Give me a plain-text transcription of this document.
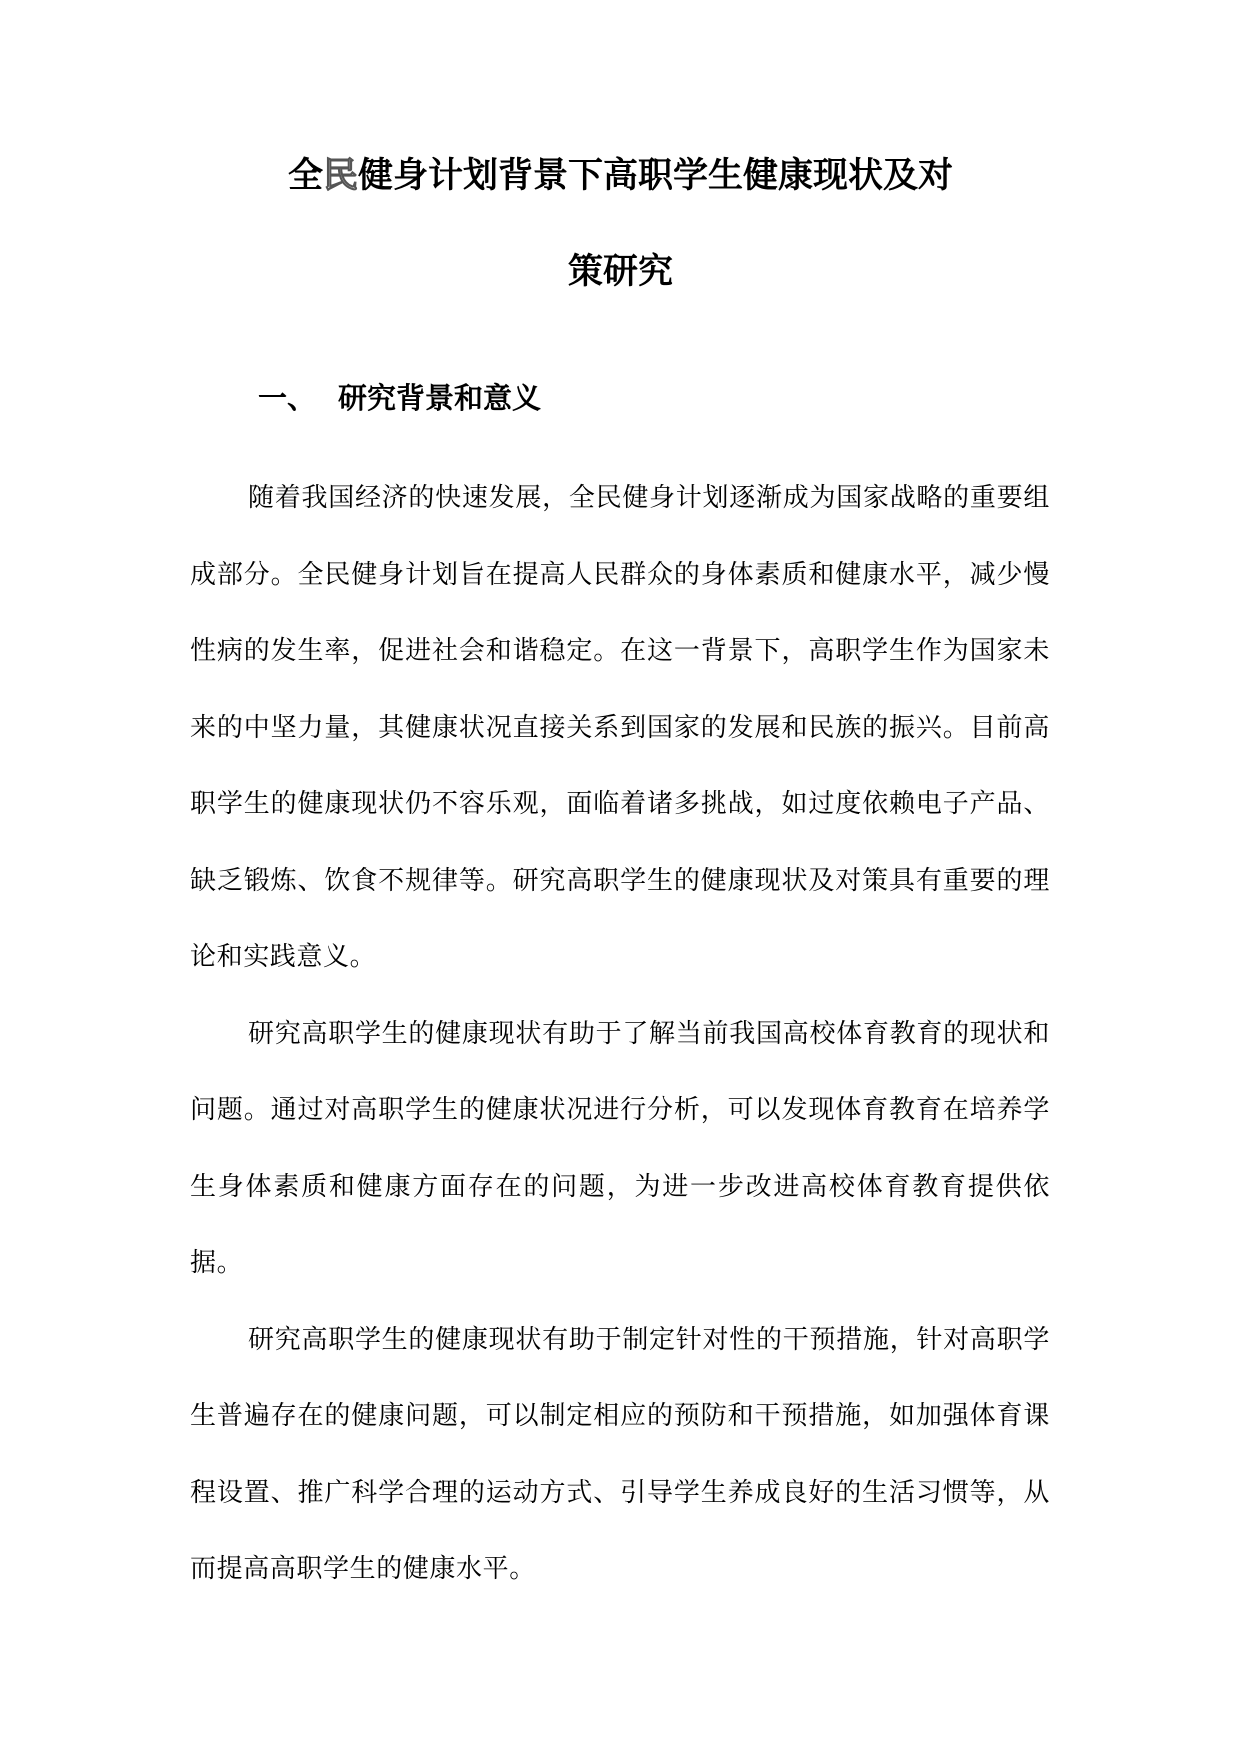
全民健身计划背景下高职学生健康现状及对
策研究
一、 研究背景和意义

随着我国经济的快速发展，全民健身计划逐渐成为国家战略的重要组成部分。全民健身计划旨在提高人民群众的身体素质和健康水平，减少慢性病的发生率，促进社会和谐稳定。在这一背景下，高职学生作为国家未来的中坚力量，其健康状况直接关系到国家的发展和民族的振兴。目前高职学生的健康现状仍不容乐观，面临着诸多挑战，如过度依赖电子产品、缺乏锻炼、饮食不规律等。研究高职学生的健康现状及对策具有重要的理论和实践意义。

研究高职学生的健康现状有助于了解当前我国高校体育教育的现状和问题。通过对高职学生的健康状况进行分析，可以发现体育教育在培养学生身体素质和健康方面存在的问题，为进一步改进高校体育教育提供依据。

研究高职学生的健康现状有助于制定针对性的干预措施，针对高职学生普遍存在的健康问题，可以制定相应的预防和干预措施，如加强体育课程设置、推广科学合理的运动方式、引导学生养成良好的生活习惯等，从而提高高职学生的健康水平。
